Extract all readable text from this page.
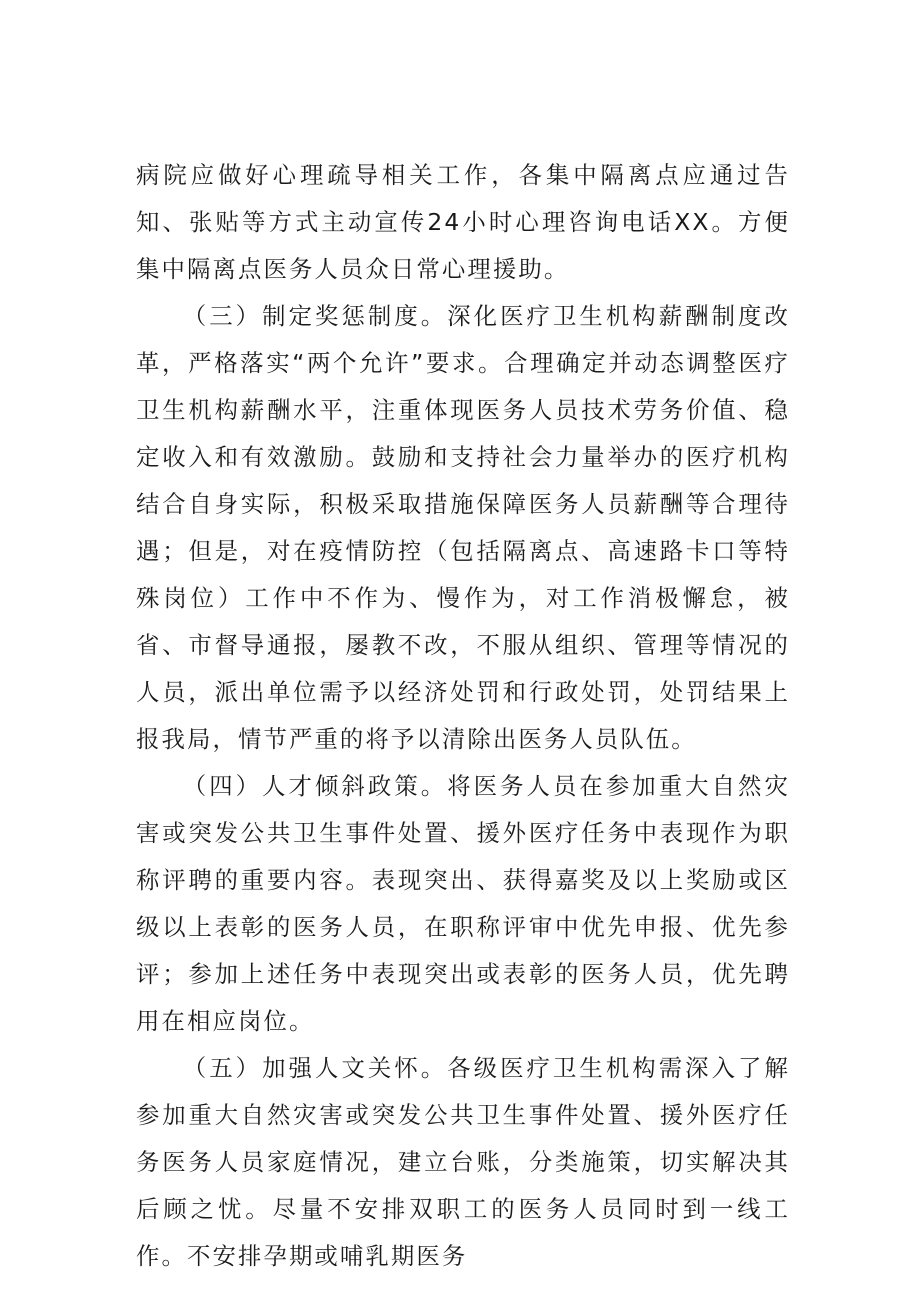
病院应做好心理疏导相关工作，各集中隔离点应通过告知、张贴等方式主动宣传24小时心理咨询电话XX。方便集中隔离点医务人员众日常心理援助。

（三）制定奖惩制度。深化医疗卫生机构薪酬制度改革，严格落实“两个允许”要求。合理确定并动态调整医疗卫生机构薪酬水平，注重体现医务人员技术劳务价值、稳定收入和有效激励。鼓励和支持社会力量举办的医疗机构结合自身实际，积极采取措施保障医务人员薪酬等合理待遇；但是，对在疫情防控（包括隔离点、高速路卡口等特殊岗位）工作中不作为、慢作为，对工作消极懈怠，被省、市督导通报，屡教不改，不服从组织、管理等情况的人员，派出单位需予以经济处罚和行政处罚，处罚结果上报我局，情节严重的将予以清除出医务人员队伍。

（四）人才倾斜政策。将医务人员在参加重大自然灾害或突发公共卫生事件处置、援外医疗任务中表现作为职称评聘的重要内容。表现突出、获得嘉奖及以上奖励或区级以上表彰的医务人员，在职称评审中优先申报、优先参评；参加上述任务中表现突出或表彰的医务人员，优先聘用在相应岗位。

（五）加强人文关怀。各级医疗卫生机构需深入了解参加重大自然灾害或突发公共卫生事件处置、援外医疗任务医务人员家庭情况，建立台账，分类施策，切实解决其后顾之忧。尽量不安排双职工的医务人员同时到一线工作。不安排孕期或哺乳期医务
